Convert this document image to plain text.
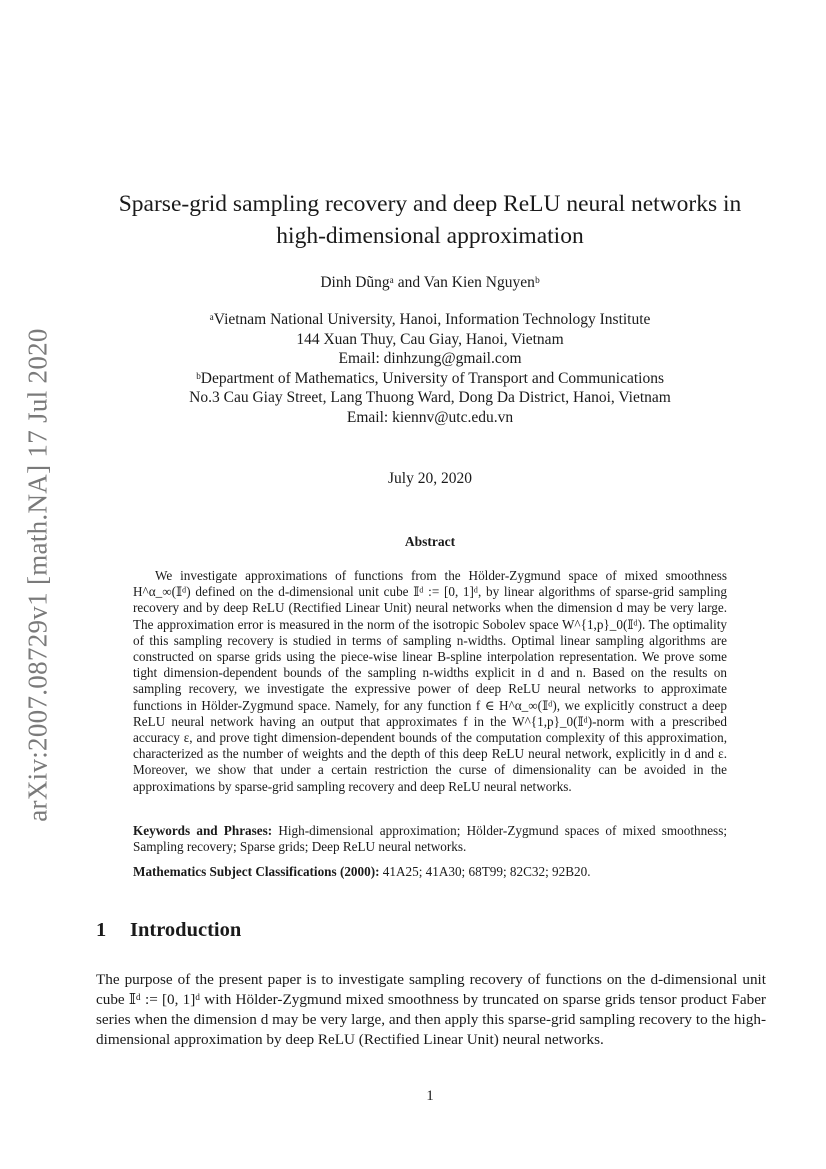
arXiv:2007.08729v1 [math.NA] 17 Jul 2020
Sparse-grid sampling recovery and deep ReLU neural networks in
high-dimensional approximation
Dinh Dũngᵃ and Van Kien Nguyenᵇ
ᵃVietnam National University, Hanoi, Information Technology Institute
144 Xuan Thuy, Cau Giay, Hanoi, Vietnam
Email: dinhzung@gmail.com
ᵇDepartment of Mathematics, University of Transport and Communications
No.3 Cau Giay Street, Lang Thuong Ward, Dong Da District, Hanoi, Vietnam
Email: kiennv@utc.edu.vn
July 20, 2020
Abstract

We investigate approximations of functions from the Hölder-Zygmund space of mixed smoothness H^α_∞(𝕀ᵈ) defined on the d-dimensional unit cube 𝕀ᵈ := [0, 1]ᵈ, by linear algorithms of sparse-grid sampling recovery and by deep ReLU (Rectified Linear Unit) neural networks when the dimension d may be very large. The approximation error is measured in the norm of the isotropic Sobolev space W^{1,p}_0(𝕀ᵈ). The optimality of this sampling recovery is studied in terms of sampling n-widths. Optimal linear sampling algorithms are constructed on sparse grids using the piece-wise linear B-spline interpolation representation. We prove some tight dimension-dependent bounds of the sampling n-widths explicit in d and n. Based on the results on sampling recovery, we investigate the expressive power of deep ReLU neural networks to approximate functions in Hölder-Zygmund space. Namely, for any function f ∈ H^α_∞(𝕀ᵈ), we explicitly construct a deep ReLU neural network having an output that approximates f in the W^{1,p}_0(𝕀ᵈ)-norm with a prescribed accuracy ε, and prove tight dimension-dependent bounds of the computation complexity of this approximation, characterized as the number of weights and the depth of this deep ReLU neural network, explicitly in d and ε. Moreover, we show that under a certain restriction the curse of dimensionality can be avoided in the approximations by sparse-grid sampling recovery and deep ReLU neural networks.

Keywords and Phrases: High-dimensional approximation; Hölder-Zygmund spaces of mixed smoothness; Sampling recovery; Sparse grids; Deep ReLU neural networks.
Mathematics Subject Classifications (2000): 41A25; 41A30; 68T99; 82C32; 92B20.
1 Introduction
The purpose of the present paper is to investigate sampling recovery of functions on the d-dimensional unit cube 𝕀ᵈ := [0, 1]ᵈ with Hölder-Zygmund mixed smoothness by truncated on sparse grids tensor product Faber series when the dimension d may be very large, and then apply this sparse-grid sampling recovery to the high-dimensional approximation by deep ReLU (Rectified Linear Unit) neural networks.
1
